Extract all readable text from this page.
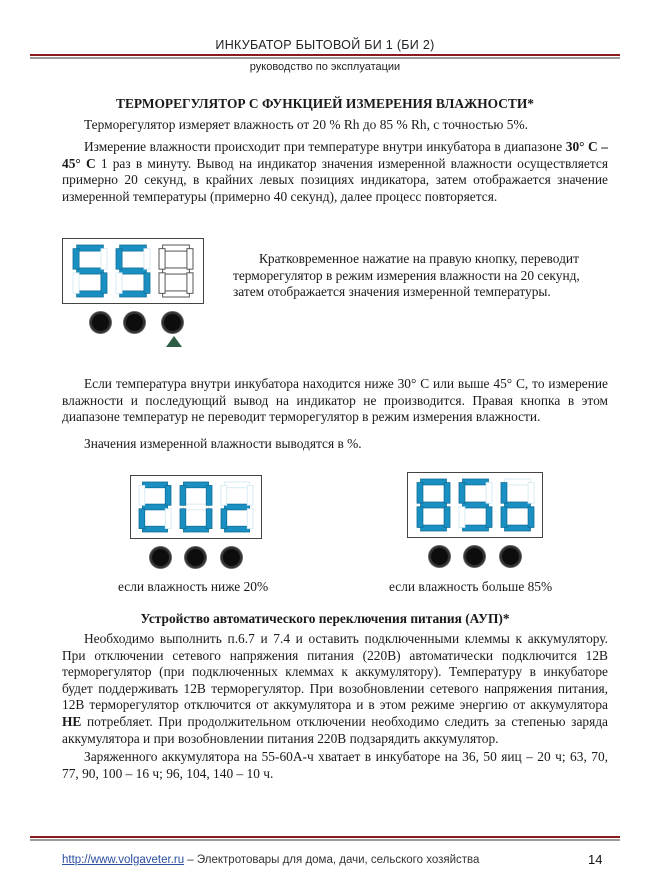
ИНКУБАТОР БЫТОВОЙ БИ 1 (БИ 2)
руководство по эксплуатации
ТЕРМОРЕГУЛЯТОР С ФУНКЦИЕЙ ИЗМЕРЕНИЯ ВЛАЖНОСТИ*
Терморегулятор измеряет влажность от 20 % Rh до 85 % Rh, с точностью 5%.
Измерение влажности происходит при температуре внутри инкубатора в диапазоне 30° С – 45° С 1 раз в минуту. Вывод на индикатор значения измеренной влажности осуществляется примерно 20 секунд, в крайних левых позициях индикатора, затем отображается значение измеренной температуры (примерно 40 секунд), далее процесс повторяется.
Кратковременное нажатие на правую кнопку, переводит терморегулятор в режим измерения влажности на 20 секунд, затем отображается значения измеренной температуры.
Если температура внутри инкубатора находится ниже 30° С или выше 45° С, то измерение влажности и последующий вывод на индикатор не производится. Правая кнопка в этом диапазоне температур не переводит терморегулятор в режим измерения влажности.
Значения измеренной влажности выводятся в %.
если влажность ниже 20%	если влажность больше 85%
Устройство автоматического переключения питания (АУП)*
Необходимо выполнить п.6.7 и 7.4 и оставить подключенными клеммы к аккумулятору. При отключении сетевого напряжения питания (220В) автоматически подключится 12В терморегулятор (при подключенных клеммах к аккумулятору). Температуру в инкубаторе будет поддерживать 12В терморегулятор. При возобновлении сетевого напряжения питания, 12В терморегулятор отключится от аккумулятора и в этом режиме энергию от аккумулятора НЕ потребляет. При продолжительном отключении необходимо следить за степенью заряда аккумулятора и при возобновлении питания 220В подзарядить аккумулятор.
Заряженного аккумулятора на 55-60А-ч хватает в инкубаторе на 36, 50 яиц – 20 ч; 63, 70, 77, 90, 100 – 16 ч; 96, 104, 140 – 10 ч.
http://www.volgaveter.ru – Электротовары для дома, дачи, сельского хозяйства	14
